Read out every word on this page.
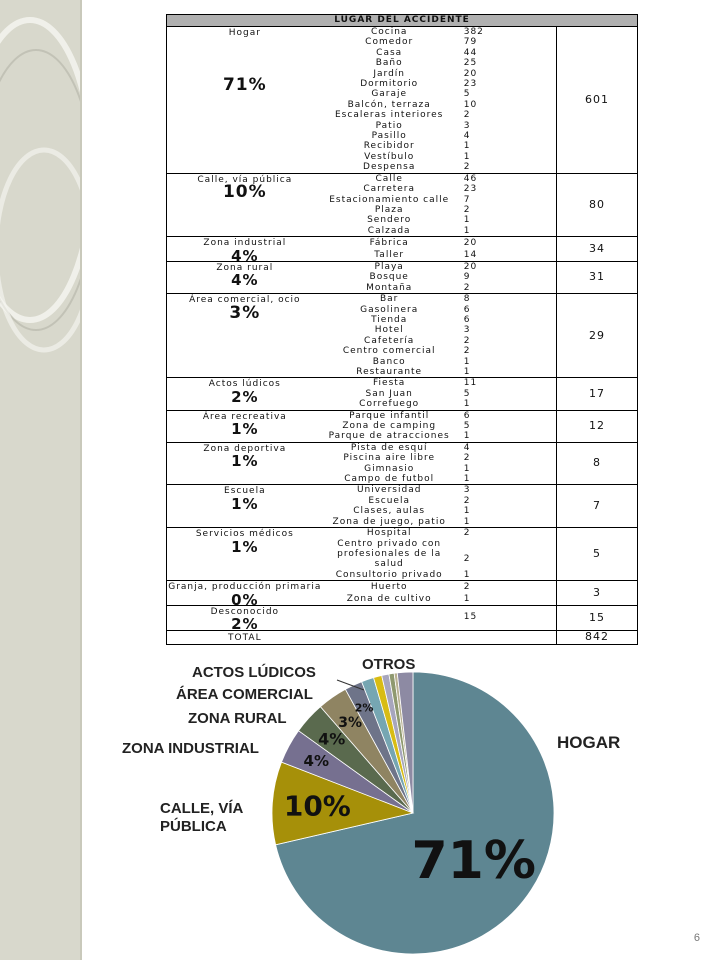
LUGAR DEL ACCIDENTE			

Hogar
71%	Cocina	382	601
	Comedor	79	
	Casa	44	
	Baño	25	
	Jardín	20	
	Dormitorio	23	
	Garaje	5	
	Balcón, terraza	10	
	Escaleras interiores	2	
	Patio	3	
	Pasillo	4	
	Recibidor	1	
	Vestíbulo	1	
	Despensa	2	

Calle, vía pública
10%	Calle	46	80
	Carretera	23	
	Estacionamiento calle	7	
	Plaza	2	
	Sendero	1	
	Calzada	1	

Zona industrial
4%	Fábrica	20	34
	Taller	14	

Zona rural
4%	Playa	20	31
	Bosque	9	
	Montaña	2	

Área comercial, ocio
3%	Bar	8	29
	Gasolinera	6	
	Tienda	6	
	Hotel	3	
	Cafetería	2	
	Centro comercial	2	
	Banco	1	
	Restaurante	1	

Actos lúdicos
2%	Fiesta	11	17
	San Juan	5	
	Correfuego	1	

Área recreativa
1%	Parque infantil	6	12
	Zona de camping	5	
	Parque de atracciones	1	

Zona deportiva
1%	Pista de esquí	4	8
	Piscina aire libre	2	
	Gimnasio	1	
	Campo de futbol	1	

Escuela
1%	Universidad	3	7
	Escuela	2	
	Clases, aulas	1	
	Zona de juego, patio	1	

Servicios médicos
1%	Hospital	2	5
	Centro privado con		
	profesionales de la salud	2	
	Consultorio privado	1	

Granja, producción primaria
0%	Huerto	2	3
	Zona de cultivo	1	

Desconocido
2%		15	15

TOTAL			842
71%
10%
4%
4%
3%
2%
HOGAR
CALLE, VÍA
PÚBLICA
ZONA INDUSTRIAL
ZONA RURAL
ÁREA COMERCIAL
ACTOS LÚDICOS	OTROS
6
